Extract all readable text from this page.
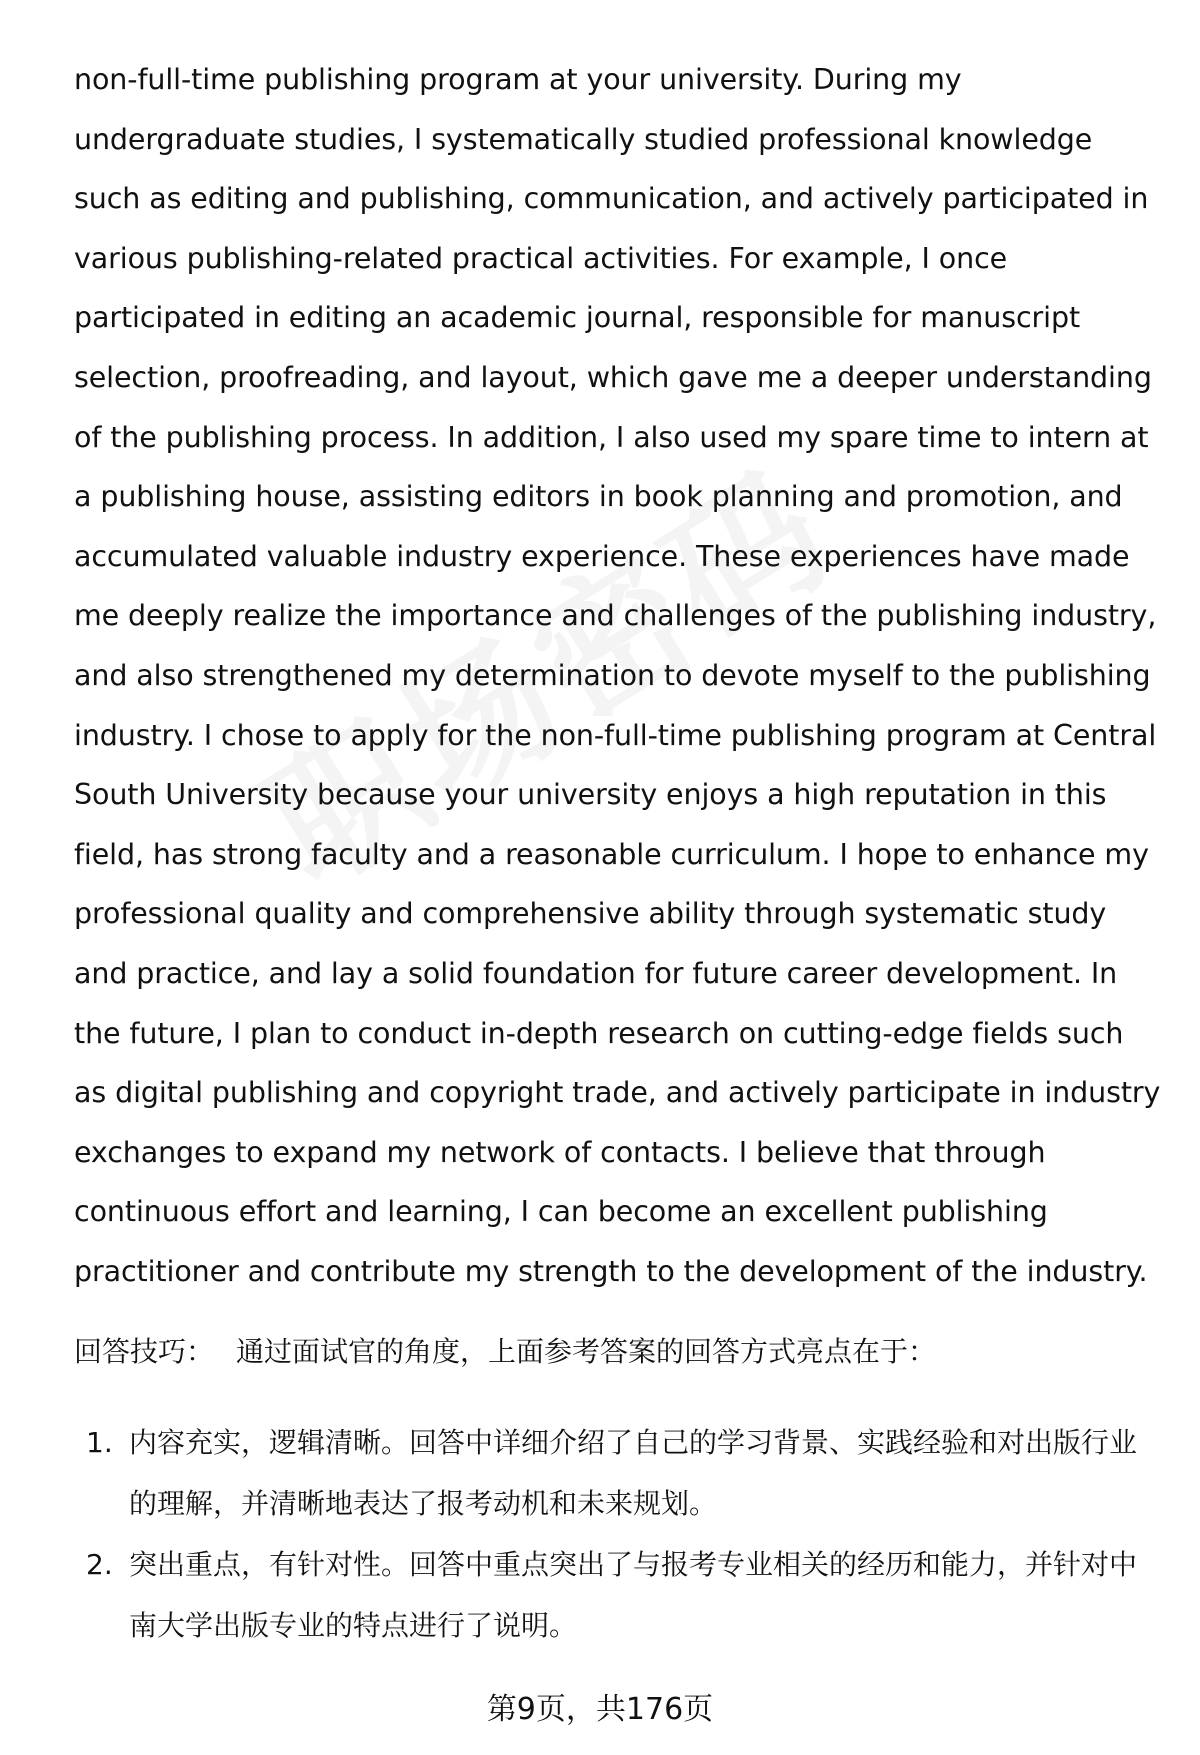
non-full-time publishing program at your university. During my undergraduate studies, I systematically studied professional knowledge such as editing and publishing, communication, and actively participated in various publishing-related practical activities. For example, I once participated in editing an academic journal, responsible for manuscript selection, proofreading, and layout, which gave me a deeper understanding of the publishing process. In addition, I also used my spare time to intern at a publishing house, assisting editors in book planning and promotion, and accumulated valuable industry experience. These experiences have made me deeply realize the importance and challenges of the publishing industry, and also strengthened my determination to devote myself to the publishing industry. I chose to apply for the non-full-time publishing program at Central South University because your university enjoys a high reputation in this field, has strong faculty and a reasonable curriculum. I hope to enhance my professional quality and comprehensive ability through systematic study and practice, and lay a solid foundation for future career development. In the future, I plan to conduct in-depth research on cutting-edge fields such as digital publishing and copyright trade, and actively participate in industry exchanges to expand my network of contacts. I believe that through continuous effort and learning, I can become an excellent publishing practitioner and contribute my strength to the development of the industry.

回答技巧： 通过面试官的角度，上面参考答案的回答方式亮点在于：

1. 内容充实，逻辑清晰。回答中详细介绍了自己的学习背景、实践经验和对出版行业的理解，并清晰地表达了报考动机和未来规划。
2. 突出重点，有针对性。回答中重点突出了与报考专业相关的经历和能力，并针对中南大学出版专业的特点进行了说明。
第9页，共176页
